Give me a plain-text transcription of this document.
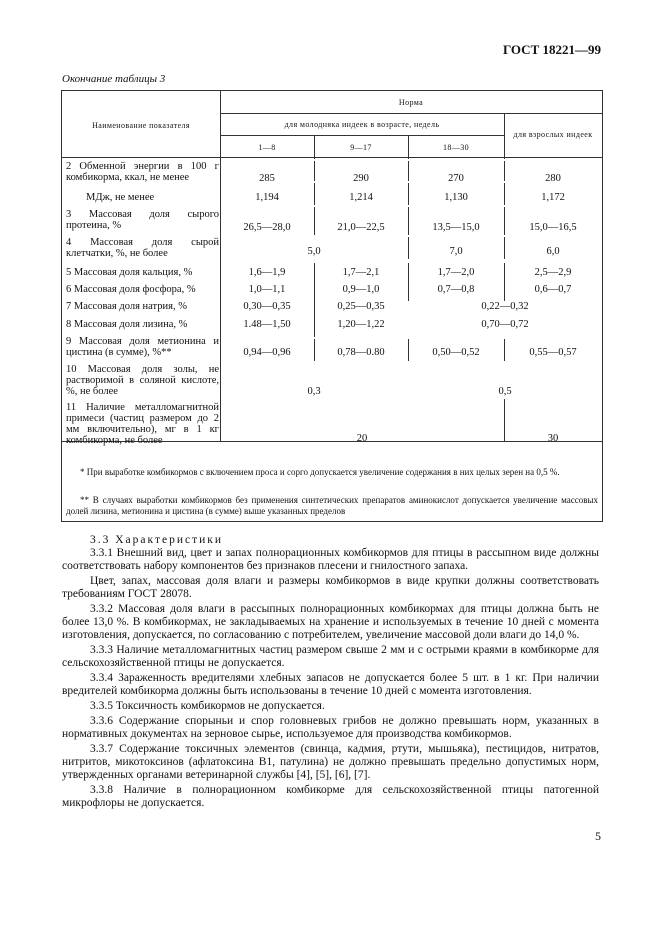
ГОСТ 18221—99
Окончание таблицы 3
Наименование показателя
Норма
для молодняка индеек в возрасте, недель
для взрослых индеек
1—8	9—17	18—30
2 Обменной энергии в 100 г комбикорма, ккал, не менее	285	290	270	280
МДж, не менее	1,194	1,214	1,130	1,172
3 Массовая доля сырого протеина, %	26,5—28,0	21,0—22,5	13,5—15,0	15,0—16,5
4 Массовая доля сырой клетчатки, %, не более	5,0	7,0	6,0
5 Массовая доля кальция, %	1,6—1,9	1,7—2,1	1,7—2,0	2,5—2,9
6 Массовая доля фосфора, %	1,0—1,1	0,9—1,0	0,7—0,8	0,6—0,7
7 Массовая доля натрия, %	0,30—0,35	0,25—0,35	0,22—0,32
8 Массовая доля лизина, %	1.48—1,50	1,20—1,22	0,70—0,72
9 Массовая доля метионина и цистина (в сумме), %**	0,94—0,96	0,78—0.80	0,50—0,52	0,55—0,57
10 Массовая доля золы, не растворимой в соляной кислоте, %, не более	0,3	0,5
11 Наличие металломагнитной примеси (частиц размером до 2 мм включительно), мг в 1 кг комбикорма, не более	20	30
* При выработке комбикормов с включением проса и сорго допускается увеличение содержания в них целых зерен на 0,5 %.
** В случаях выработки комбикормов без применения синтетических препаратов аминокислот допускается увеличение массовых долей лизина, метионина и цистина (в сумме) выше указанных пределов

3.3 Характеристики

3.3.1 Внешний вид, цвет и запах полнорационных комбикормов для птицы в рассыпном виде должны соответствовать набору компонентов без признаков плесени и гнилостного запаха.

Цвет, запах, массовая доля влаги и размеры комбикормов в виде крупки должны соответствовать требованиям ГОСТ 28078.

3.3.2 Массовая доля влаги в рассыпных полнорационных комбикормах для птицы должна быть не более 13,0 %. В комбикормах, не закладываемых на хранение и используемых в течение 10 дней с момента изготовления, допускается, по согласованию с потребителем, увеличение массовой доли влаги до 14,0 %.

3.3.3 Наличие металломагнитных частиц размером свыше 2 мм и с острыми краями в комбикорме для сельскохозяйственной птицы не допускается.

3.3.4 Зараженность вредителями хлебных запасов не допускается более 5 шт. в 1 кг. При наличии вредителей комбикорма должны быть использованы в течение 10 дней с момента изготовления.

3.3.5 Токсичность комбикормов не допускается.

3.3.6 Содержание спорыньи и спор головневых грибов не должно превышать норм, указанных в нормативных документах на зерновое сырье, используемое для производства комбикормов.

3.3.7 Содержание токсичных элементов (свинца, кадмия, ртути, мышьяка), пестицидов, нитратов, нитритов, микотоксинов (афлатоксина B1, патулина) не должно превышать предельно допустимых норм, утвержденных органами ветеринарной службы [4], [5], [6], [7].

3.3.8 Наличие в полнорационном комбикорме для сельскохозяйственной птицы патогенной микрофлоры не допускается.

5
